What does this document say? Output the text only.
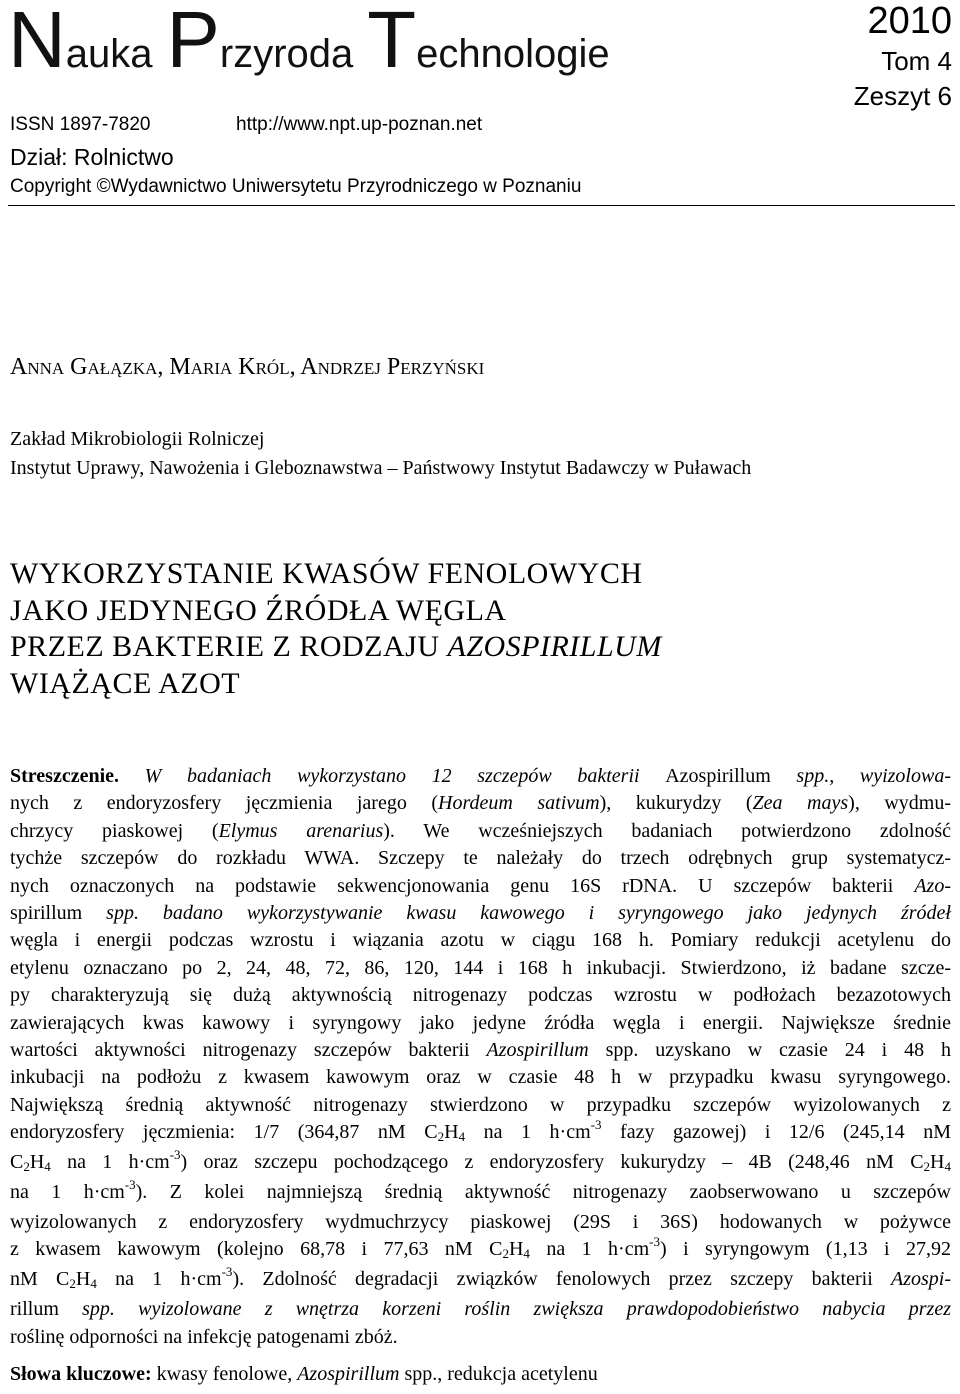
Nauka Przyroda Technologie
2010
Tom 4
Zeszyt 6
ISSN 1897-7820	http://www.npt.up-poznan.net
Dział: Rolnictwo
Copyright ©Wydawnictwo Uniwersytetu Przyrodniczego w Poznaniu
Anna Gałązka, Maria Król, Andrzej Perzyński
Zakład Mikrobiologii Rolniczej
Instytut Uprawy, Nawożenia i Gleboznawstwa – Państwowy Instytut Badawczy w Puławach
WYKORZYSTANIE KWASÓW FENOLOWYCH
JAKO JEDYNEGO ŹRÓDŁA WĘGLA
PRZEZ BAKTERIE Z RODZAJU AZOSPIRILLUM
WIĄŻĄCE AZOT
Streszczenie. W badaniach wykorzystano 12 szczepów bakterii Azospirillum spp., wyizolowa-
nych z endoryzosfery jęczmienia jarego (Hordeum sativum), kukurydzy (Zea mays), wydmu-
chrzycy piaskowej (Elymus arenarius). We wcześniejszych badaniach potwierdzono zdolność
tychże szczepów do rozkładu WWA. Szczepy te należały do trzech odrębnych grup systematycz-
nych oznaczonych na podstawie sekwencjonowania genu 16S rDNA. U szczepów bakterii Azo-
spirillum spp. badano wykorzystywanie kwasu kawowego i syryngowego jako jedynych źródeł
węgla i energii podczas wzrostu i wiązania azotu w ciągu 168 h. Pomiary redukcji acetylenu do
etylenu oznaczano po 2, 24, 48, 72, 86, 120, 144 i 168 h inkubacji. Stwierdzono, iż badane szcze-
py charakteryzują się dużą aktywnością nitrogenazy podczas wzrostu w podłożach bezazotowych
zawierających kwas kawowy i syryngowy jako jedyne źródła węgla i energii. Największe średnie
wartości aktywności nitrogenazy szczepów bakterii Azospirillum spp. uzyskano w czasie 24 i 48 h
inkubacji na podłożu z kwasem kawowym oraz w czasie 48 h w przypadku kwasu syryngowego.
Największą średnią aktywność nitrogenazy stwierdzono w przypadku szczepów wyizolowanych z
endoryzosfery jęczmienia: 1/7 (364,87 nM $C_2H_4$ na 1 $h\cdot cm^{-3}$ fazy gazowej) i 12/6 (245,14 nM
$C_2H_4$ na 1 $h\cdot cm^{-3}$) oraz szczepu pochodzącego z endoryzosfery kukurydzy – 4B (248,46 nM $C_2H_4$
na 1 $h\cdot cm^{-3}$). Z kolei najmniejszą średnią aktywność nitrogenazy zaobserwowano u szczepów
wyizolowanych z endoryzosfery wydmuchrzycy piaskowej (29S i 36S) hodowanych w pożywce
z kwasem kawowym (kolejno 68,78 i 77,63 nM $C_2H_4$ na 1 $h\cdot cm^{-3}$) i syryngowym (1,13 i 27,92
nM $C_2H_4$ na 1 $h\cdot cm^{-3}$). Zdolność degradacji związków fenolowych przez szczepy bakterii Azospi-
rillum spp. wyizolowane z wnętrza korzeni roślin zwiększa prawdopodobieństwo nabycia przez
roślinę odporności na infekcję patogenami zbóż.
Słowa kluczowe: kwasy fenolowe, Azospirillum spp., redukcja acetylenu
